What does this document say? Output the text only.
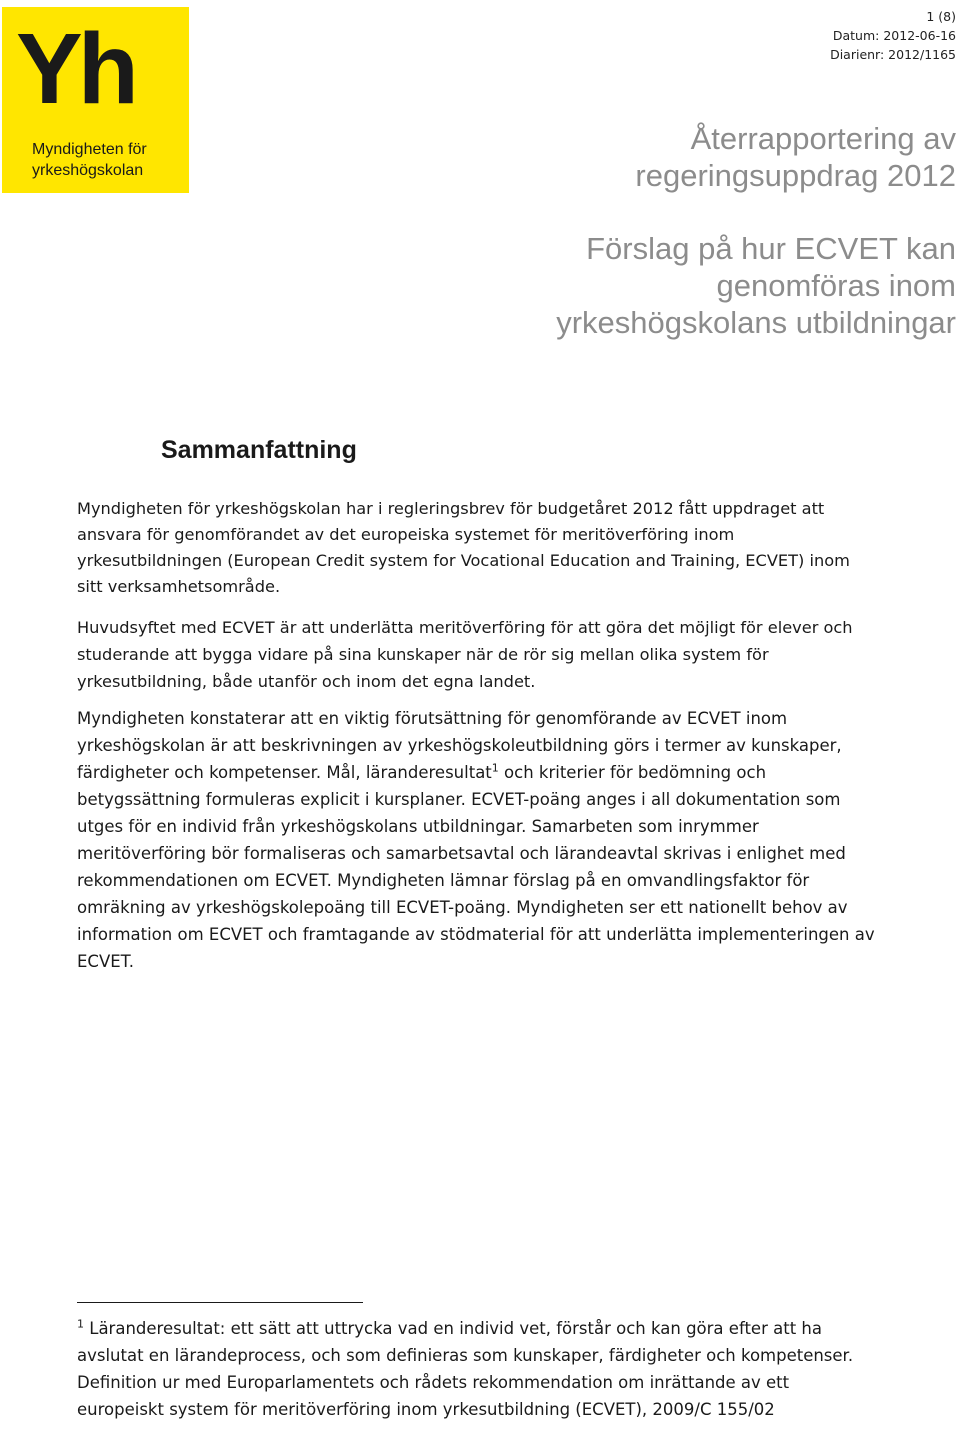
Yh
Myndigheten för
yrkeshögskolan
1 (8)
Datum: 2012-06-16
Diarienr: 2012/1165
Återrapportering av
regeringsuppdrag 2012
Förslag på hur ECVET kan
genomföras inom
yrkeshögskolans utbildningar
Sammanfattning

Myndigheten för yrkeshögskolan har i regleringsbrev för budgetåret 2012 fått uppdraget att ansvara för genomförandet av det europeiska systemet för meritöverföring inom yrkesutbildningen (European Credit system for Vocational Education and Training, ECVET) inom sitt verksamhetsområde.

Huvudsyftet med ECVET är att underlätta meritöverföring för att göra det möjligt för elever och studerande att bygga vidare på sina kunskaper när de rör sig mellan olika system för yrkesutbildning, både utanför och inom det egna landet.

Myndigheten konstaterar att en viktig förutsättning för genomförande av ECVET inom yrkeshögskolan är att beskrivningen av yrkeshögskoleutbildning görs i termer av kunskaper, färdigheter och kompetenser. Mål, läranderesultat$^1$ och kriterier för bedömning och betygssättning formuleras explicit i kursplaner. ECVET-poäng anges i all dokumentation som utges för en individ från yrkeshögskolans utbildningar. Samarbeten som inrymmer meritöverföring bör formaliseras och samarbetsavtal och lärandeavtal skrivas i enlighet med rekommendationen om ECVET. Myndigheten lämnar förslag på en omvandlingsfaktor för omräkning av yrkeshögskolepoäng till ECVET-poäng. Myndigheten ser ett nationellt behov av information om ECVET och framtagande av stödmaterial för att underlätta implementeringen av ECVET.

$^1$ Läranderesultat: ett sätt att uttrycka vad en individ vet, förstår och kan göra efter att ha avslutat en lärandeprocess, och som definieras som kunskaper, färdigheter och kompetenser. Definition ur med Europarlamentets och rådets rekommendation om inrättande av ett europeiskt system för meritöverföring inom yrkesutbildning (ECVET), 2009/C 155/02
